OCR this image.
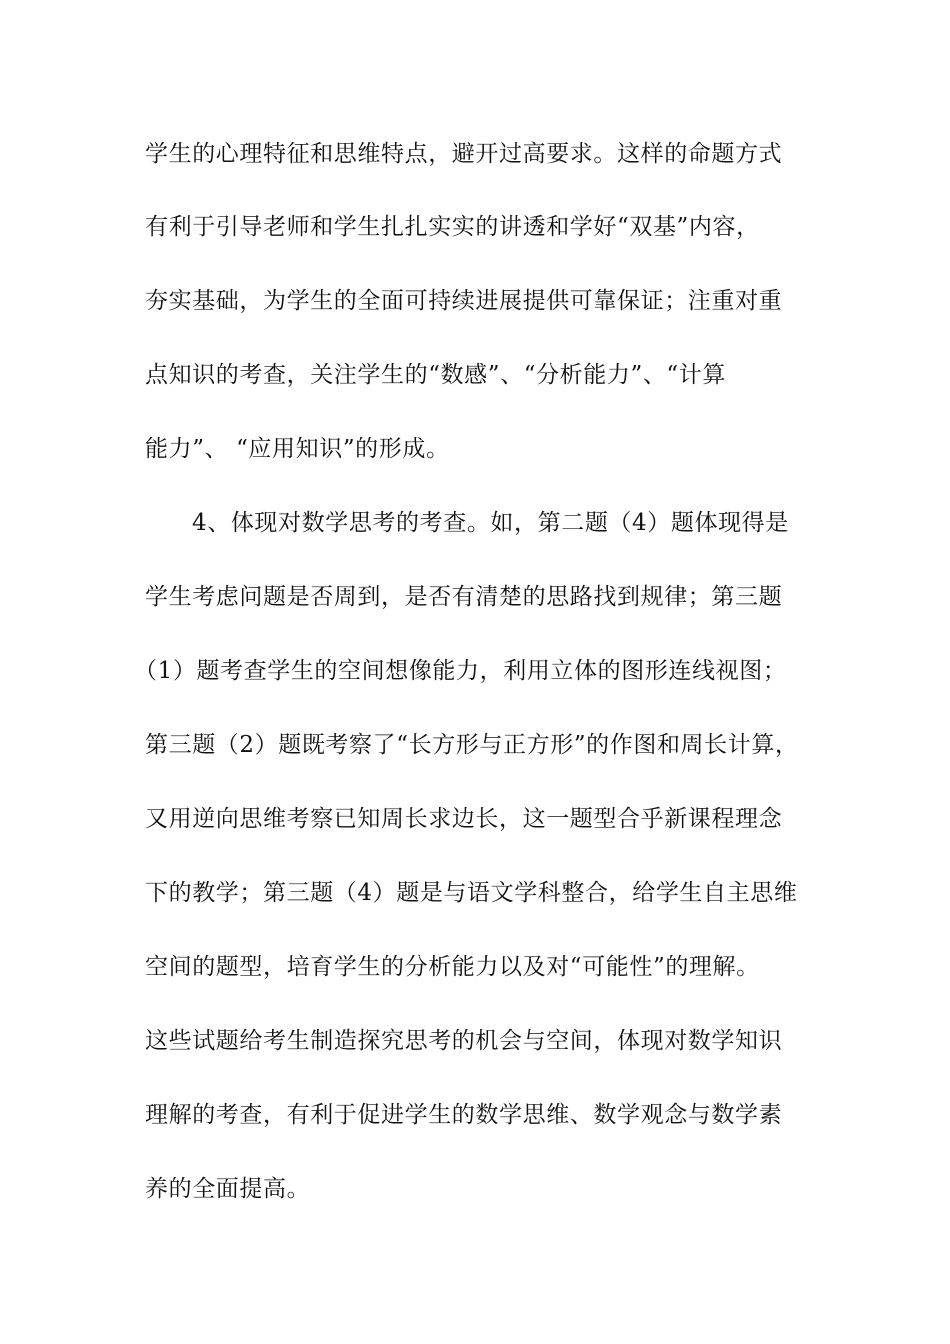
学生的心理特征和思维特点，避开过高要求。这样的命题方式
有利于引导老师和学生扎扎实实的讲透和学好“双基”内容，
夯实基础，为学生的全面可持续进展提供可靠保证；注重对重
点知识的考查，关注学生的“数感”、“分析能力”、“计算
能力”、 “应用知识”的形成。
4、体现对数学思考的考查。如，第二题（4）题体现得是
学生考虑问题是否周到，是否有清楚的思路找到规律；第三题
（1）题考查学生的空间想像能力，利用立体的图形连线视图；
第三题（2）题既考察了“长方形与正方形”的作图和周长计算，
又用逆向思维考察已知周长求边长，这一题型合乎新课程理念
下的教学；第三题（4）题是与语文学科整合，给学生自主思维
空间的题型，培育学生的分析能力以及对“可能性”的理解。
这些试题给考生制造探究思考的机会与空间，体现对数学知识
理解的考查，有利于促进学生的数学思维、数学观念与数学素
养的全面提高。
